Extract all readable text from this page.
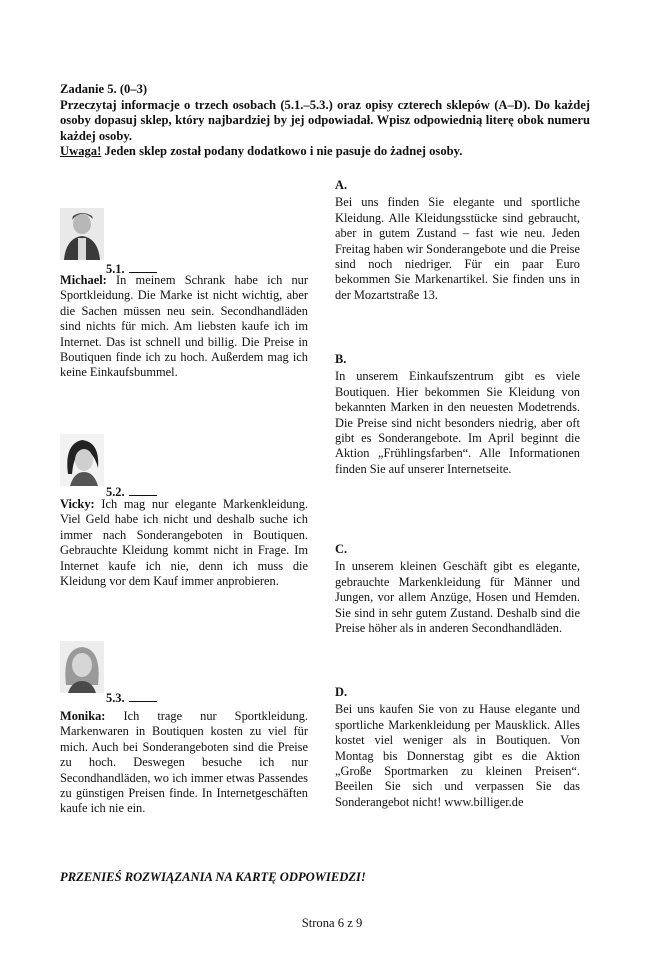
Zadanie 5. (0–3)
Przeczytaj informacje o trzech osobach (5.1.–5.3.) oraz opisy czterech sklepów (A–D). Do każdej osoby dopasuj sklep, który najbardziej by jej odpowiadał. Wpisz odpowiednią literę obok numeru każdej osoby.
Uwaga! Jeden sklep został podany dodatkowo i nie pasuje do żadnej osoby.
5.1.
Michael: In meinem Schrank habe ich nur Sportkleidung. Die Marke ist nicht wichtig, aber die Sachen müssen neu sein. Secondhandläden sind nichts für mich. Am liebsten kaufe ich im Internet. Das ist schnell und billig. Die Preise in Boutiquen finde ich zu hoch. Außerdem mag ich keine Einkaufsbummel.
5.2.
Vicky: Ich mag nur elegante Markenkleidung. Viel Geld habe ich nicht und deshalb suche ich immer nach Sonderangeboten in Boutiquen. Gebrauchte Kleidung kommt nicht in Frage. Im Internet kaufe ich nie, denn ich muss die Kleidung vor dem Kauf immer anprobieren.
5.3.
Monika: Ich trage nur Sportkleidung. Markenwaren in Boutiquen kosten zu viel für mich. Auch bei Sonderangeboten sind die Preise zu hoch. Deswegen besuche ich nur Secondhandläden, wo ich immer etwas Passendes zu günstigen Preisen finde. In Internetgeschäften kaufe ich nie ein.
A.
Bei uns finden Sie elegante und sportliche Kleidung. Alle Kleidungsstücke sind gebraucht, aber in gutem Zustand – fast wie neu. Jeden Freitag haben wir Sonderangebote und die Preise sind noch niedriger. Für ein paar Euro bekommen Sie Markenartikel. Sie finden uns in der Mozartstraße 13.
B.
In unserem Einkaufszentrum gibt es viele Boutiquen. Hier bekommen Sie Kleidung von bekannten Marken in den neuesten Modetrends. Die Preise sind nicht besonders niedrig, aber oft gibt es Sonderangebote. Im April beginnt die Aktion „Frühlingsfarben“. Alle Informationen finden Sie auf unserer Internetseite.
C.
In unserem kleinen Geschäft gibt es elegante, gebrauchte Markenkleidung für Männer und Jungen, vor allem Anzüge, Hosen und Hemden. Sie sind in sehr gutem Zustand. Deshalb sind die Preise höher als in anderen Secondhandläden.
D.
Bei uns kaufen Sie von zu Hause elegante und sportliche Markenkleidung per Mausklick. Alles kostet viel weniger als in Boutiquen. Von Montag bis Donnerstag gibt es die Aktion „Große Sportmarken zu kleinen Preisen“. Beeilen Sie sich und verpassen Sie das Sonderangebot nicht! www.billiger.de
PRZENIEŚ ROZWIĄZANIA NA KARTĘ ODPOWIEDZI!
Strona 6 z 9
